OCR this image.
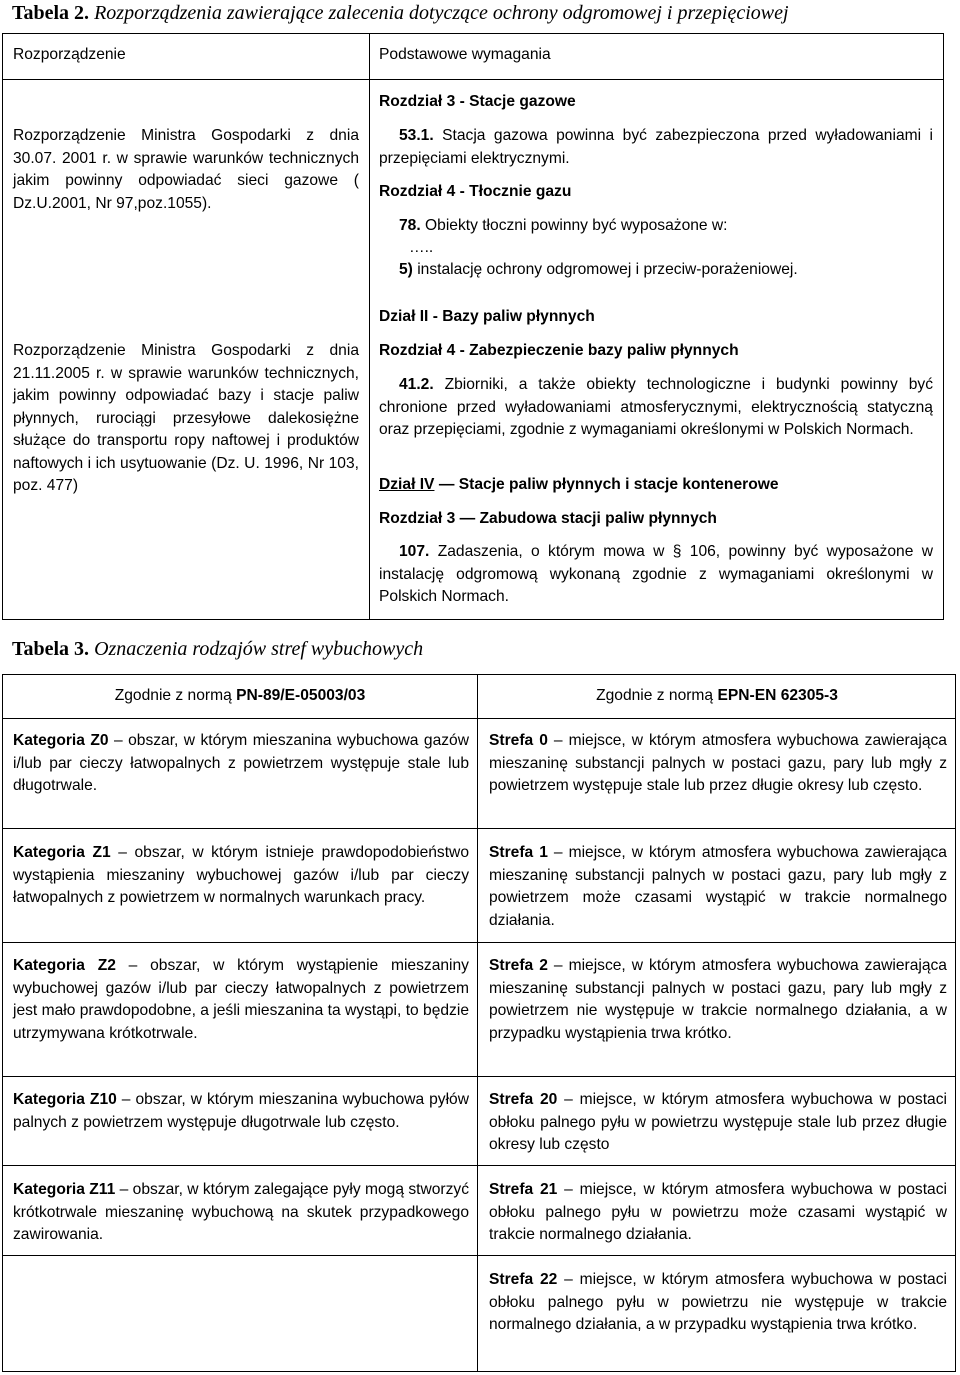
Tabela 2. Rozporządzenia zawierające zalecenia dotyczące ochrony odgromowej i przepięciowej
Rozporządzenie	Podstawowe wymagania
Rozporządzenie Ministra Gospodarki z dnia 30.07. 2001 r. w sprawie warunków technicznych jakim powinny odpowiadać sieci gazowe ( Dz.U.2001, Nr 97,poz.1055).
Rozporządzenie Ministra Gospodarki z dnia 21.11.2005 r. w sprawie warunków technicznych, jakim powinny odpowiadać bazy i stacje paliw płynnych, rurociągi przesyłowe dalekosiężne służące do transportu ropy naftowej i produktów naftowych i ich usytuowanie (Dz. U. 1996, Nr 103, poz. 477)
Rozdział 3 - Stacje gazowe
53.1. Stacja gazowa powinna być zabezpieczona przed wyładowaniami i przepięciami elektrycznymi.
Rozdział 4 - Tłocznie gazu
78. Obiekty tłoczni powinny być wyposażone w:
…..
5) instalację ochrony odgromowej i przeciw-porażeniowej.
Dział II - Bazy paliw płynnych
Rozdział 4 - Zabezpieczenie bazy paliw płynnych
41.2. Zbiorniki, a także obiekty technologiczne i budynki powinny być chronione przed wyładowaniami atmosferycznymi, elektrycznością statyczną oraz przepięciami, zgodnie z wymaganiami określonymi w Polskich Normach.
Dział IV — Stacje paliw płynnych i stacje kontenerowe
Rozdział 3 — Zabudowa stacji paliw płynnych
107. Zadaszenia, o którym mowa w § 106, powinny być wyposażone w instalację odgromową wykonaną zgodnie z wymaganiami określonymi w Polskich Normach.
Tabela 3. Oznaczenia rodzajów stref wybuchowych
Zgodnie z normą PN-89/E-05003/03	Zgodnie z normą EPN-EN 62305-3
Kategoria Z0 – obszar, w którym mieszanina wybuchowa gazów i/lub par cieczy łatwopalnych z powietrzem występuje stale lub długotrwale.
Kategoria Z1 – obszar, w którym istnieje prawdopodobieństwo wystąpienia mieszaniny wybuchowej gazów i/lub par cieczy łatwopalnych z powietrzem w normalnych warunkach pracy.
Kategoria Z2 – obszar, w którym wystąpienie mieszaniny wybuchowej gazów i/lub par cieczy łatwopalnych z powietrzem jest mało prawdopodobne, a jeśli mieszanina ta wystąpi, to będzie utrzymywana krótkotrwale.
Kategoria Z10 – obszar, w którym mieszanina wybuchowa pyłów palnych z powietrzem występuje długotrwale lub często.
Kategoria Z11 – obszar, w którym zalegające pyły mogą stworzyć krótkotrwale mieszaninę wybuchową na skutek przypadkowego zawirowania.
Strefa 0 – miejsce, w którym atmosfera wybuchowa zawierająca mieszaninę substancji palnych w postaci gazu, pary lub mgły z powietrzem występuje stale lub przez długie okresy lub często.
Strefa 1 – miejsce, w którym atmosfera wybuchowa zawierająca mieszaninę substancji palnych w postaci gazu, pary lub mgły z powietrzem może czasami wystąpić w trakcie normalnego działania.
Strefa 2 – miejsce, w którym atmosfera wybuchowa zawierająca mieszaninę substancji palnych w postaci gazu, pary lub mgły z powietrzem nie występuje w trakcie normalnego działania, a w przypadku wystąpienia trwa krótko.
Strefa 20 – miejsce, w którym atmosfera wybuchowa w postaci obłoku palnego pyłu w powietrzu występuje stale lub przez długie okresy lub często
Strefa 21 – miejsce, w którym atmosfera wybuchowa w postaci obłoku palnego pyłu w powietrzu może czasami wystąpić w trakcie normalnego działania.
Strefa 22 – miejsce, w którym atmosfera wybuchowa w postaci obłoku palnego pyłu w powietrzu nie występuje w trakcie normalnego działania, a w przypadku wystąpienia trwa krótko.
